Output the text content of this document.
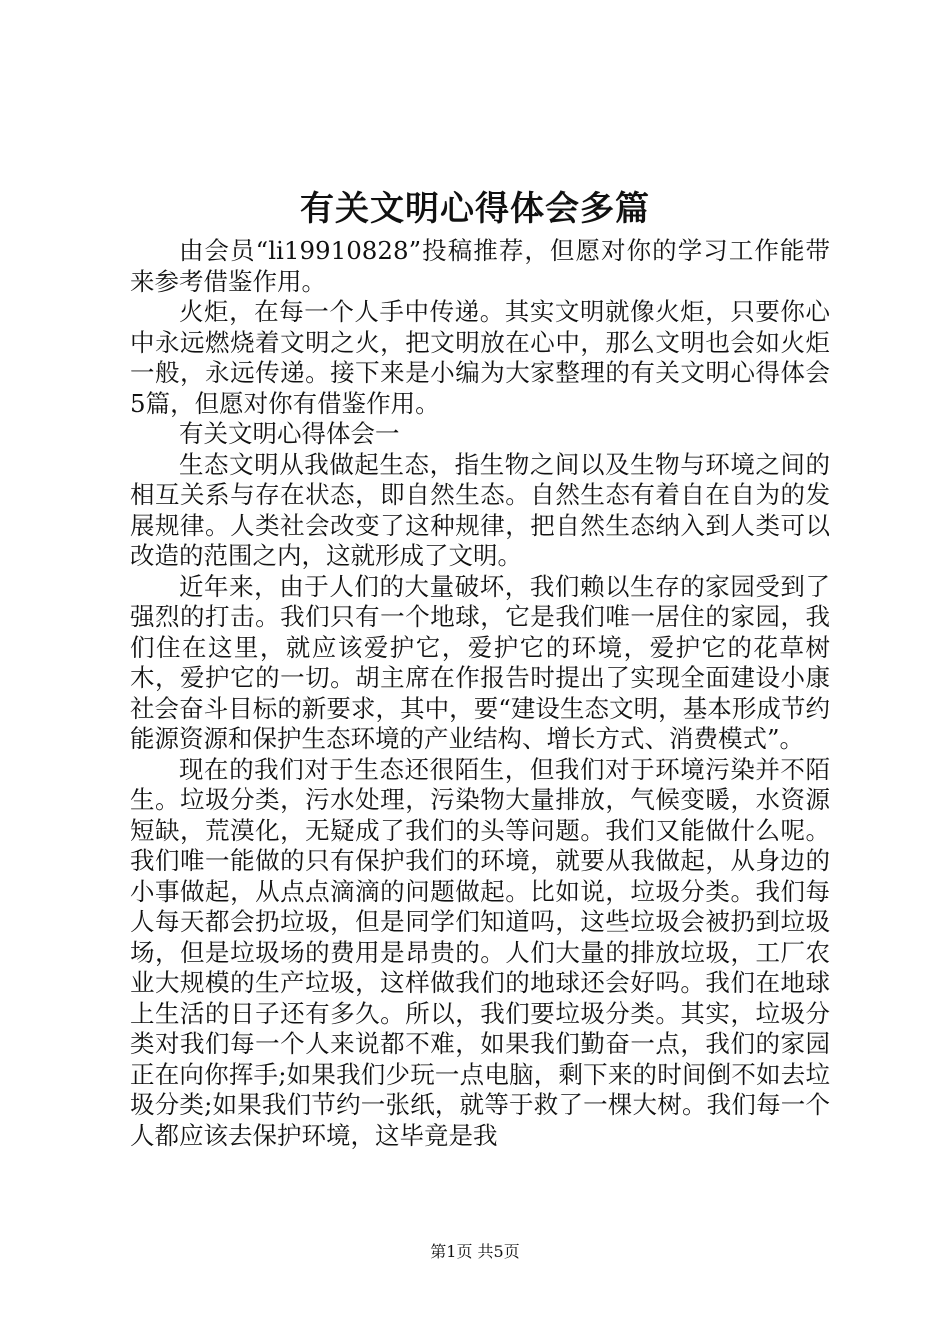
有关文明心得体会多篇

由会员“li19910828”投稿推荐，但愿对你的学习工作能带来参考借鉴作用。

火炬，在每一个人手中传递。其实文明就像火炬，只要你心中永远燃烧着文明之火，把文明放在心中，那么文明也会如火炬一般，永远传递。接下来是小编为大家整理的有关文明心得体会5篇，但愿对你有借鉴作用。

有关文明心得体会一

生态文明从我做起生态，指生物之间以及生物与环境之间的相互关系与存在状态，即自然生态。自然生态有着自在自为的发展规律。人类社会改变了这种规律，把自然生态纳入到人类可以改造的范围之内，这就形成了文明。

近年来，由于人们的大量破坏，我们赖以生存的家园受到了强烈的打击。我们只有一个地球，它是我们唯一居住的家园，我们住在这里，就应该爱护它，爱护它的环境，爱护它的花草树木，爱护它的一切。胡主席在作报告时提出了实现全面建设小康社会奋斗目标的新要求，其中，要“建设生态文明，基本形成节约能源资源和保护生态环境的产业结构、增长方式、消费模式”。

现在的我们对于生态还很陌生，但我们对于环境污染并不陌生。垃圾分类，污水处理，污染物大量排放，气候变暖，水资源短缺，荒漠化，无疑成了我们的头等问题。我们又能做什么呢。我们唯一能做的只有保护我们的环境，就要从我做起，从身边的小事做起，从点点滴滴的问题做起。比如说，垃圾分类。我们每人每天都会扔垃圾，但是同学们知道吗，这些垃圾会被扔到垃圾场，但是垃圾场的费用是昂贵的。人们大量的排放垃圾，工厂农业大规模的生产垃圾，这样做我们的地球还会好吗。我们在地球上生活的日子还有多久。所以，我们要垃圾分类。其实，垃圾分类对我们每一个人来说都不难，如果我们勤奋一点，我们的家园正在向你挥手;如果我们少玩一点电脑，剩下来的时间倒不如去垃圾分类;如果我们节约一张纸，就等于救了一棵大树。我们每一个人都应该去保护环境，这毕竟是我

第1页 共5页
